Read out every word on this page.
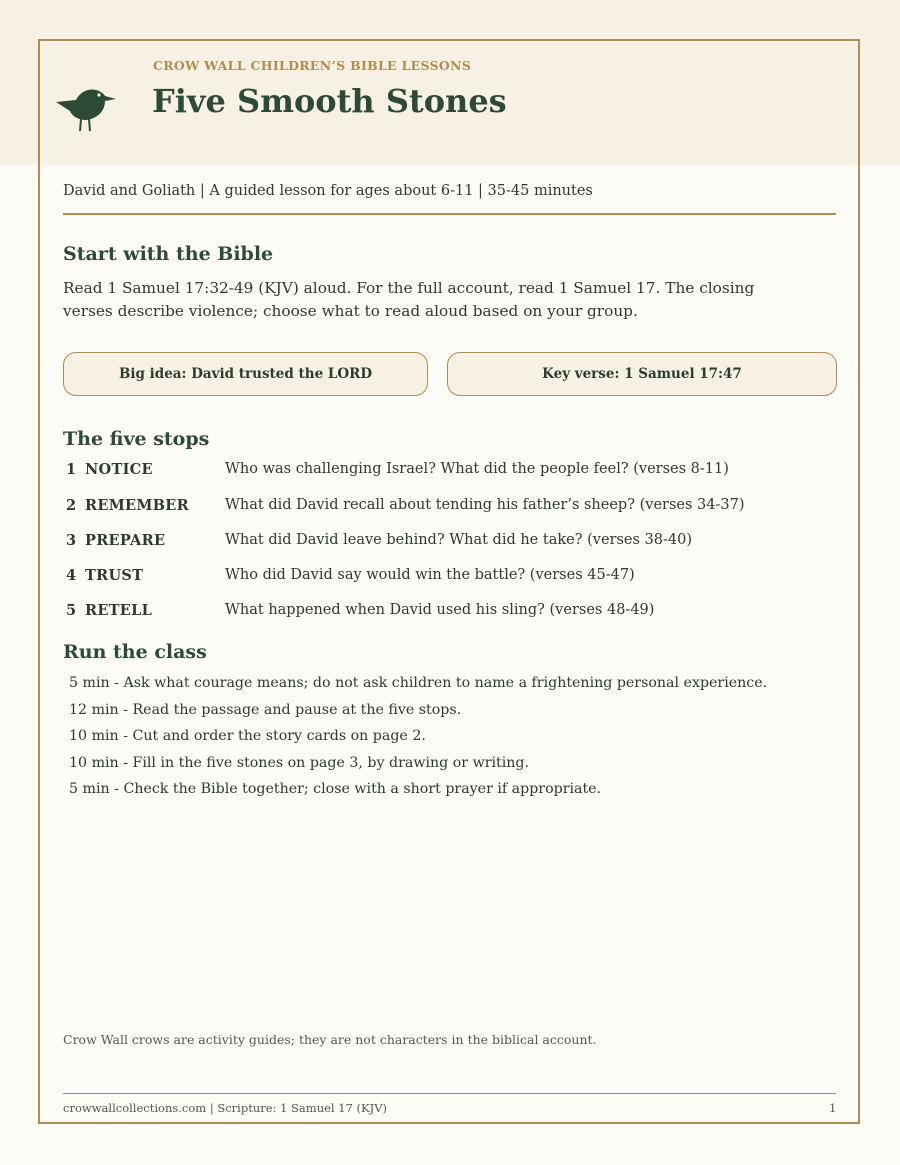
CROW WALL CHILDREN’S BIBLE LESSONS
Five Smooth Stones
David and Goliath | A guided lesson for ages about 6-11 | 35-45 minutes
Start with the Bible

Read 1 Samuel 17:32-49 (KJV) aloud. For the full account, read 1 Samuel 17. The closing verses describe violence; choose what to read aloud based on your group.

Big idea: David trusted the LORD	Key verse: 1 Samuel 17:47
The five stops
1 NOTICE	Who was challenging Israel? What did the people feel? (verses 8-11)
2 REMEMBER What did David recall about tending his father’s sheep? (verses 34-37)
3 PREPARE	What did David leave behind? What did he take? (verses 38-40)
4 TRUST	Who did David say would win the battle? (verses 45-47)
5 RETELL	What happened when David used his sling? (verses 48-49)
Run the class
5 min - Ask what courage means; do not ask children to name a frightening personal experience.
12 min - Read the passage and pause at the five stops.
10 min - Cut and order the story cards on page 2.
10 min - Fill in the five stones on page 3, by drawing or writing.
5 min - Check the Bible together; close with a short prayer if appropriate.
Crow Wall crows are activity guides; they are not characters in the biblical account.
crowwallcollections.com | Scripture: 1 Samuel 17 (KJV)	1
